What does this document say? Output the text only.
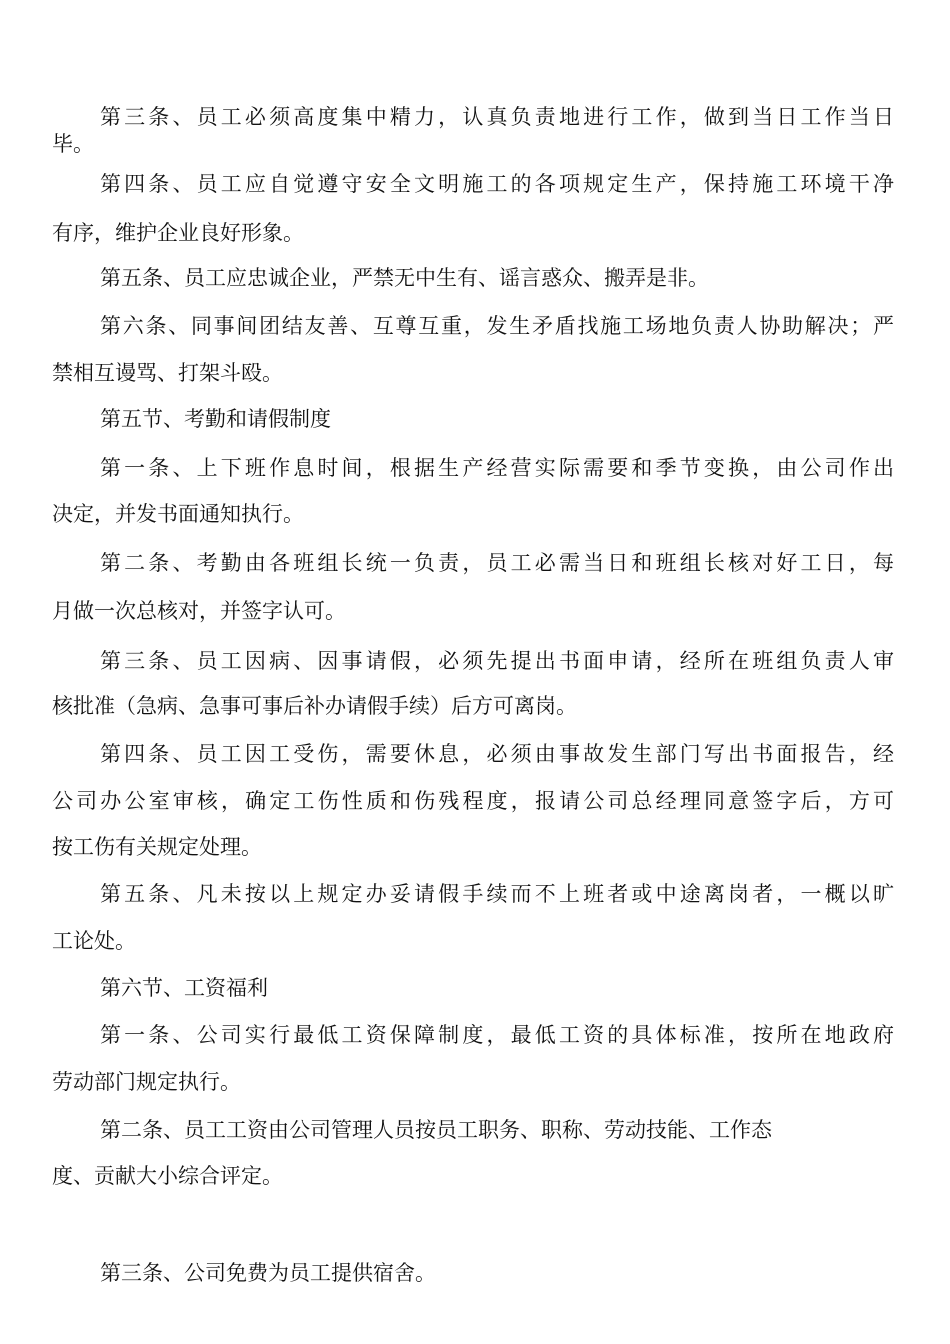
第三条、员工必须高度集中精力，认真负责地进行工作，做到当日工作当日
毕。
第四条、员工应自觉遵守安全文明施工的各项规定生产，保持施工环境干净
有序，维护企业良好形象。
第五条、员工应忠诚企业，严禁无中生有、谣言惑众、搬弄是非。
第六条、同事间团结友善、互尊互重，发生矛盾找施工场地负责人协助解决；严
禁相互谩骂、打架斗殴。
第五节、考勤和请假制度
第一条、上下班作息时间，根据生产经营实际需要和季节变换，由公司作出
决定，并发书面通知执行。
第二条、考勤由各班组长统一负责，员工必需当日和班组长核对好工日，每
月做一次总核对，并签字认可。
第三条、员工因病、因事请假，必须先提出书面申请，经所在班组负责人审
核批准（急病、急事可事后补办请假手续）后方可离岗。
第四条、员工因工受伤，需要休息，必须由事故发生部门写出书面报告，经
公司办公室审核，确定工伤性质和伤残程度，报请公司总经理同意签字后，方可
按工伤有关规定处理。
第五条、凡未按以上规定办妥请假手续而不上班者或中途离岗者，一概以旷
工论处。
第六节、工资福利
第一条、公司实行最低工资保障制度，最低工资的具体标准，按所在地政府
劳动部门规定执行。
第二条、员工工资由公司管理人员按员工职务、职称、劳动技能、工作态
度、贡献大小综合评定。
第三条、公司免费为员工提供宿舍。
